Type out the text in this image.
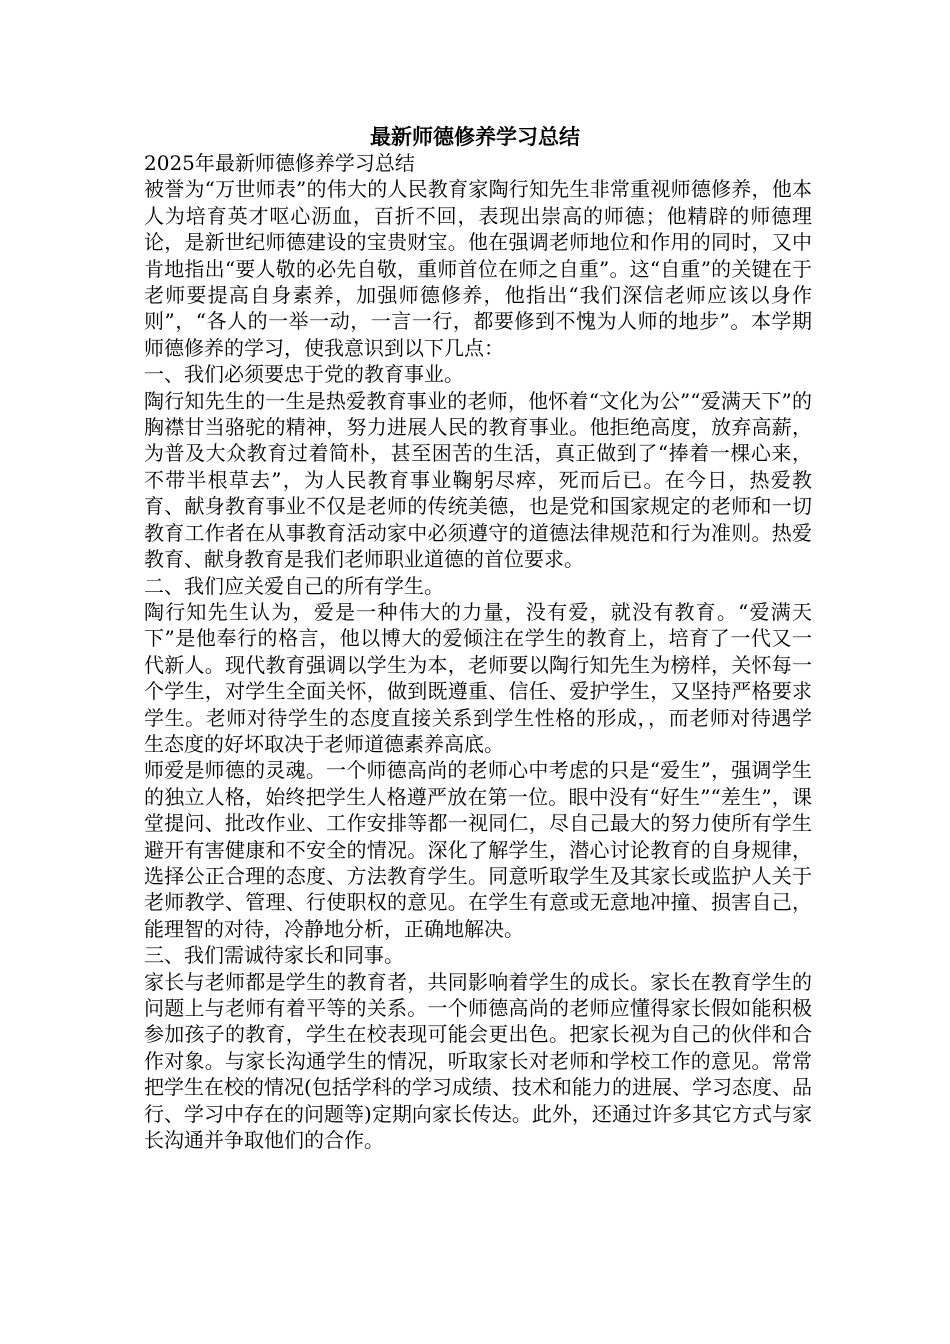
最新师德修养学习总结

2025年最新师德修养学习总结

被誉为“万世师表”的伟大的人民教育家陶行知先生非常重视师德修养，他本人为培育英才呕心沥血，百折不回，表现出崇高的师德；他精辟的师德理论，是新世纪师德建设的宝贵财宝。他在强调老师地位和作用的同时，又中肯地指出“要人敬的必先自敬，重师首位在师之自重”。这“自重”的关键在于老师要提高自身素养，加强师德修养，他指出“我们深信老师应该以身作则”，“各人的一举一动，一言一行，都要修到不愧为人师的地步”。本学期师德修养的学习，使我意识到以下几点：

一、我们必须要忠于党的教育事业。

陶行知先生的一生是热爱教育事业的老师，他怀着“文化为公”“爱满天下”的胸襟甘当骆驼的精神，努力进展人民的教育事业。他拒绝高度，放弃高薪，为普及大众教育过着简朴，甚至困苦的生活，真正做到了“捧着一棵心来，不带半根草去”，为人民教育事业鞠躬尽瘁，死而后已。在今日，热爱教育、献身教育事业不仅是老师的传统美德，也是党和国家规定的老师和一切教育工作者在从事教育活动家中必须遵守的道德法律规范和行为准则。热爱教育、献身教育是我们老师职业道德的首位要求。

二、我们应关爱自己的所有学生。

陶行知先生认为，爱是一种伟大的力量，没有爱，就没有教育。“爱满天下”是他奉行的格言，他以博大的爱倾注在学生的教育上，培育了一代又一代新人。现代教育强调以学生为本，老师要以陶行知先生为榜样，关怀每一个学生，对学生全面关怀，做到既遵重、信任、爱护学生，又坚持严格要求学生。老师对待学生的态度直接关系到学生性格的形成，，而老师对待遇学生态度的好坏取决于老师道德素养高底。

师爱是师德的灵魂。一个师德高尚的老师心中考虑的只是“爱生”，强调学生的独立人格，始终把学生人格遵严放在第一位。眼中没有“好生”“差生”，课堂提问、批改作业、工作安排等都一视同仁，尽自己最大的努力使所有学生避开有害健康和不安全的情况。深化了解学生，潜心讨论教育的自身规律，选择公正合理的态度、方法教育学生。同意听取学生及其家长或监护人关于老师教学、管理、行使职权的意见。在学生有意或无意地冲撞、损害自己，能理智的对待，冷静地分析，正确地解决。

三、我们需诚待家长和同事。

家长与老师都是学生的教育者，共同影响着学生的成长。家长在教育学生的问题上与老师有着平等的关系。一个师德高尚的老师应懂得家长假如能积极参加孩子的教育，学生在校表现可能会更出色。把家长视为自己的伙伴和合作对象。与家长沟通学生的情况，听取家长对老师和学校工作的意见。常常把学生在校的情况(包括学科的学习成绩、技术和能力的进展、学习态度、品行、学习中存在的问题等)定期向家长传达。此外，还通过许多其它方式与家长沟通并争取他们的合作。
